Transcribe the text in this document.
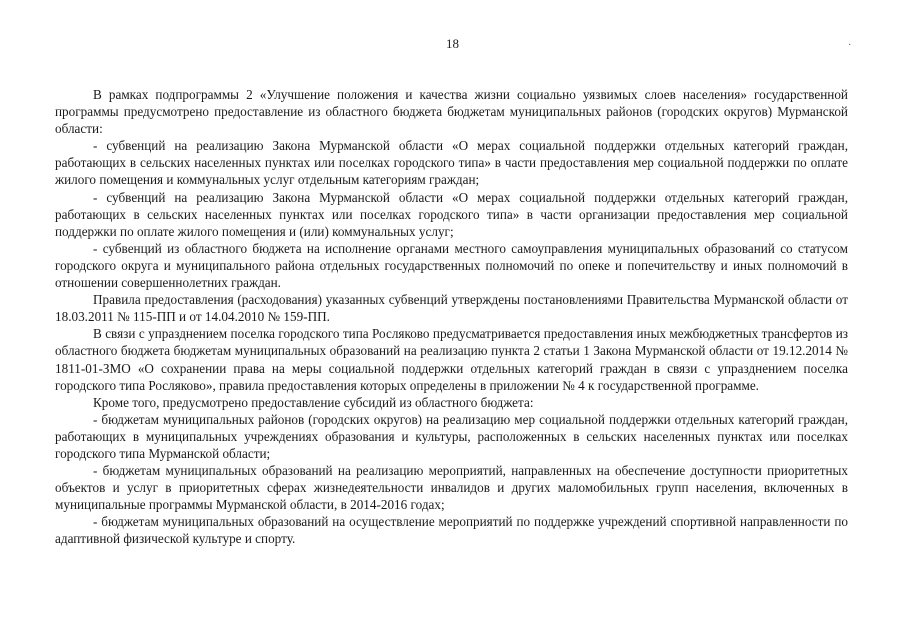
18	·

В рамках подпрограммы 2 «Улучшение положения и качества жизни социально уязвимых слоев населения» государственной программы предусмотрено предоставление из областного бюджета бюджетам муниципальных районов (городских округов) Мурманской области:

- субвенций на реализацию Закона Мурманской области «О мерах социальной поддержки отдельных категорий граждан, работающих в сельских населенных пунктах или поселках городского типа» в части предоставления мер социальной поддержки по оплате жилого помещения и коммунальных услуг отдельным категориям граждан;

- субвенций на реализацию Закона Мурманской области «О мерах социальной поддержки отдельных категорий граждан, работающих в сельских населенных пунктах или поселках городского типа» в части организации предоставления мер социальной поддержки по оплате жилого помещения и (или) коммунальных услуг;

- субвенций из областного бюджета на исполнение органами местного самоуправления муниципальных образований со статусом городского округа и муниципального района отдельных государственных полномочий по опеке и попечительству и иных полномочий в отношении совершеннолетних граждан.

Правила предоставления (расходования) указанных субвенций утверждены постановлениями Правительства Мурманской области от 18.03.2011 № 115-ПП и от 14.04.2010 № 159-ПП.

В связи с упразднением поселка городского типа Росляково предусматривается предоставления иных межбюджетных трансфертов из областного бюджета бюджетам муниципальных образований на реализацию пункта 2 статьи 1 Закона Мурманской области от 19.12.2014 № 1811-01-ЗМО «О сохранении права на меры социальной поддержки отдельных категорий граждан в связи с упразднением поселка городского типа Росляково», правила предоставления которых определены в приложении № 4 к государственной программе.

Кроме того, предусмотрено предоставление субсидий из областного бюджета:

- бюджетам муниципальных районов (городских округов) на реализацию мер социальной поддержки отдельных категорий граждан, работающих в муниципальных учреждениях образования и культуры, расположенных в сельских населенных пунктах или поселках городского типа Мурманской области;

- бюджетам муниципальных образований на реализацию мероприятий, направленных на обеспечение доступности приоритетных объектов и услуг в приоритетных сферах жизнедеятельности инвалидов и других маломобильных групп населения, включенных в муниципальные программы Мурманской области, в 2014-2016 годах;

- бюджетам муниципальных образований на осуществление мероприятий по поддержке учреждений спортивной направленности по адаптивной физической культуре и спорту.
